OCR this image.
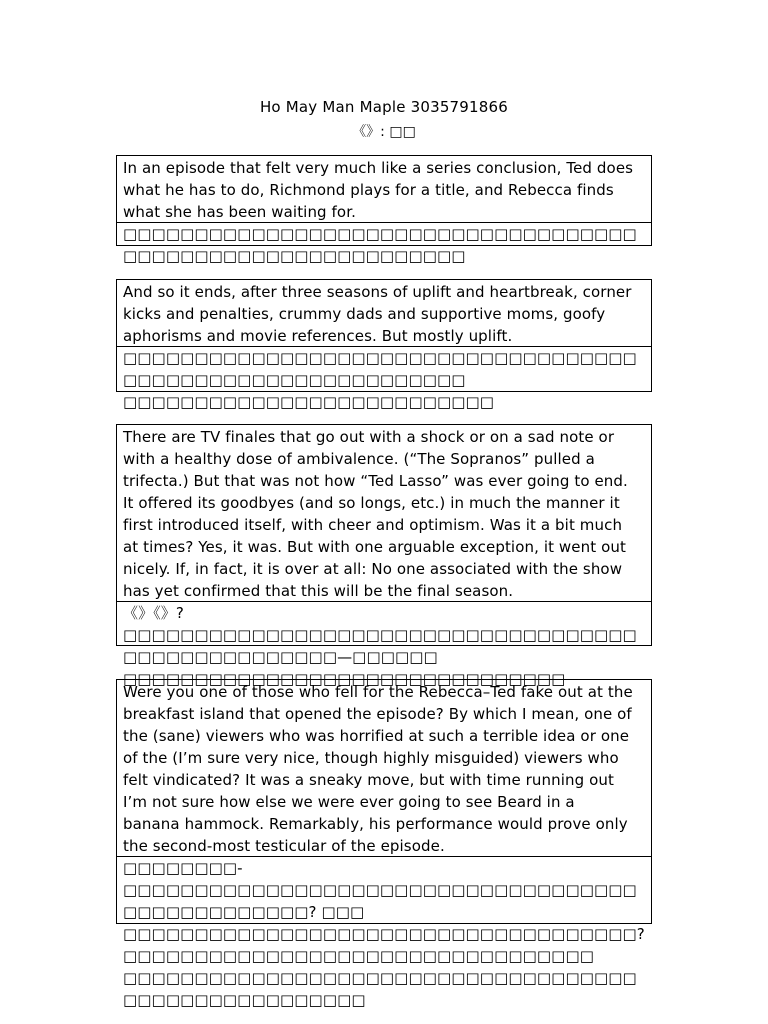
Ho May Man Maple 3035791866
《》: □□
In an episode that felt very much like a series conclusion, Ted does
what he has to do, Richmond plays for a title, and Rebecca finds
what she has been waiting for.
□□□□□□□□□□□□□□□□□□□□□□□□□□□□□□□□□□□□□□□□□□□□□□□□□□□□□□□□□□□□
And so it ends, after three seasons of uplift and heartbreak, corner
kicks and penalties, crummy dads and supportive moms, goofy
aphorisms and movie references. But mostly uplift.
□□□□□□□□□□□□□□□□□□□□□□□□□□□□□□□□□□□□□□□□□□□□□□□□□□□□□□□□□□□□
□□□□□□□□□□□□□□□□□□□□□□□□□□
There are TV finales that go out with a shock or on a sad note or
with a healthy dose of ambivalence. (“The Sopranos” pulled a
trifecta.) But that was not how “Ted Lasso” was ever going to end.
It offered its goodbyes (and so longs, etc.) in much the manner it
first introduced itself, with cheer and optimism. Was it a bit much
at times? Yes, it was. But with one arguable exception, it went out
nicely. If, in fact, it is over at all: No one associated with the show
has yet confirmed that this will be the final season.
《》《》? □□□□□□□□□□□□□□□□□□□□□□□□□□□□□□□□□□□□□□□□□□□□□□□□□□□—□□□□□□
□□□□□□□□□□□□□□□□□□□□□□□□□□□□□□□
Were you one of those who fell for the Rebecca–Ted fake out at the
breakfast island that opened the episode? By which I mean, one of
the (sane) viewers who was horrified at such a terrible idea or one
of the (I’m sure very nice, though highly misguided) viewers who
felt vindicated? It was a sneaky move, but with time running out
I’m not sure how else we were ever going to see Beard in a
banana hammock. Remarkably, his performance would prove only
the second-most testicular of the episode.
□□□□□□□□-□□□□□□□□□□□□□□□□□□□□□□□□□□□□□□□□□□□□□□□□□□□□□□□□□? □□□
□□□□□□□□□□□□□□□□□□□□□□□□□□□□□□□□□□□□? □□□□□□□□□□□□□□□□□□□□□□□□□□□□□□□□□
□□□□□□□□□□□□□□□□□□□□□□□□□□□□□□□□□□□□□□□□□□□□□□□□□□□□□
